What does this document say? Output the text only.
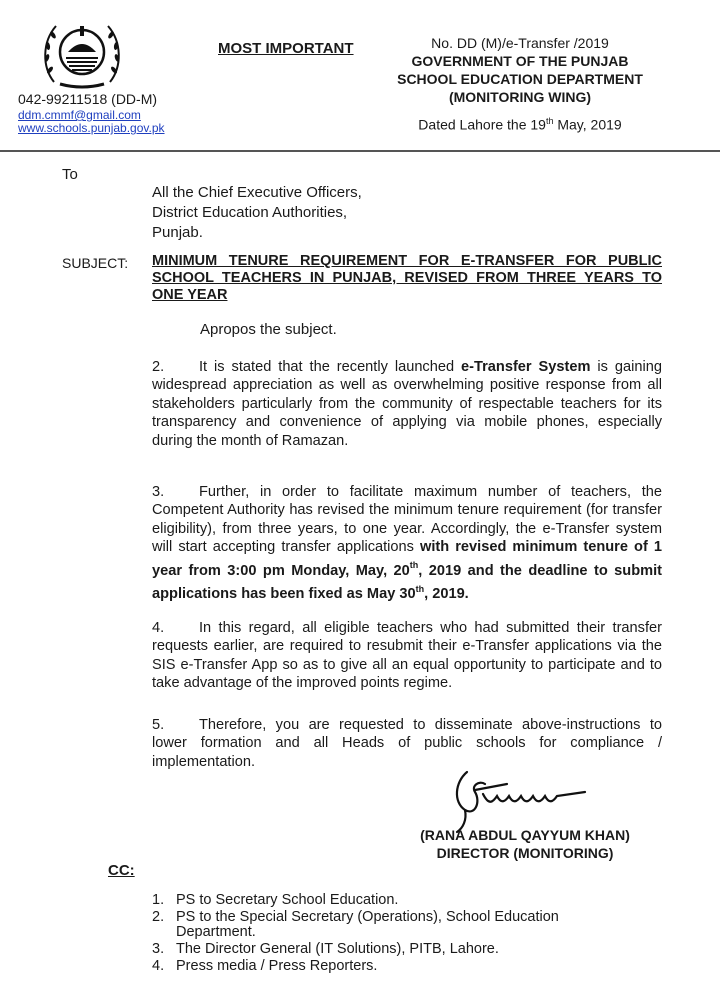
MOST IMPORTANT	No. DD (M)/e-Transfer /2019
GOVERNMENT OF THE PUNJAB
SCHOOL EDUCATION DEPARTMENT
(MONITORING WING)
Dated Lahore the 19th May, 2019
042-99211518 (DD-M)
ddm.cmmf@gmail.com
www.schools.punjab.gov.pk
To
All the Chief Executive Officers,
District Education Authorities,
Punjab.
SUBJECT: MINIMUM TENURE REQUIREMENT FOR E-TRANSFER FOR PUBLIC SCHOOL TEACHERS IN PUNJAB, REVISED FROM THREE YEARS TO ONE YEAR
Apropos the subject.
2. It is stated that the recently launched e-Transfer System is gaining widespread appreciation as well as overwhelming positive response from all stakeholders particularly from the community of respectable teachers for its transparency and convenience of applying via mobile phones, especially during the month of Ramazan.
3. Further, in order to facilitate maximum number of teachers, the Competent Authority has revised the minimum tenure requirement (for transfer eligibility), from three years, to one year. Accordingly, the e-Transfer system will start accepting transfer applications with revised minimum tenure of 1 year from 3:00 pm Monday, May, 20th, 2019 and the deadline to submit applications has been fixed as May 30th, 2019.
4. In this regard, all eligible teachers who had submitted their transfer requests earlier, are required to resubmit their e-Transfer applications via the SIS e-Transfer App so as to give all an equal opportunity to participate and to take advantage of the improved points regime.
5. Therefore, you are requested to disseminate above-instructions to lower formation and all Heads of public schools for compliance / implementation.
(RANA ABDUL QAYYUM KHAN)
DIRECTOR (MONITORING)
CC:
1. PS to Secretary School Education.
2. PS to the Special Secretary (Operations), School Education Department.
3. The Director General (IT Solutions), PITB, Lahore.
4. Press media / Press Reporters.
